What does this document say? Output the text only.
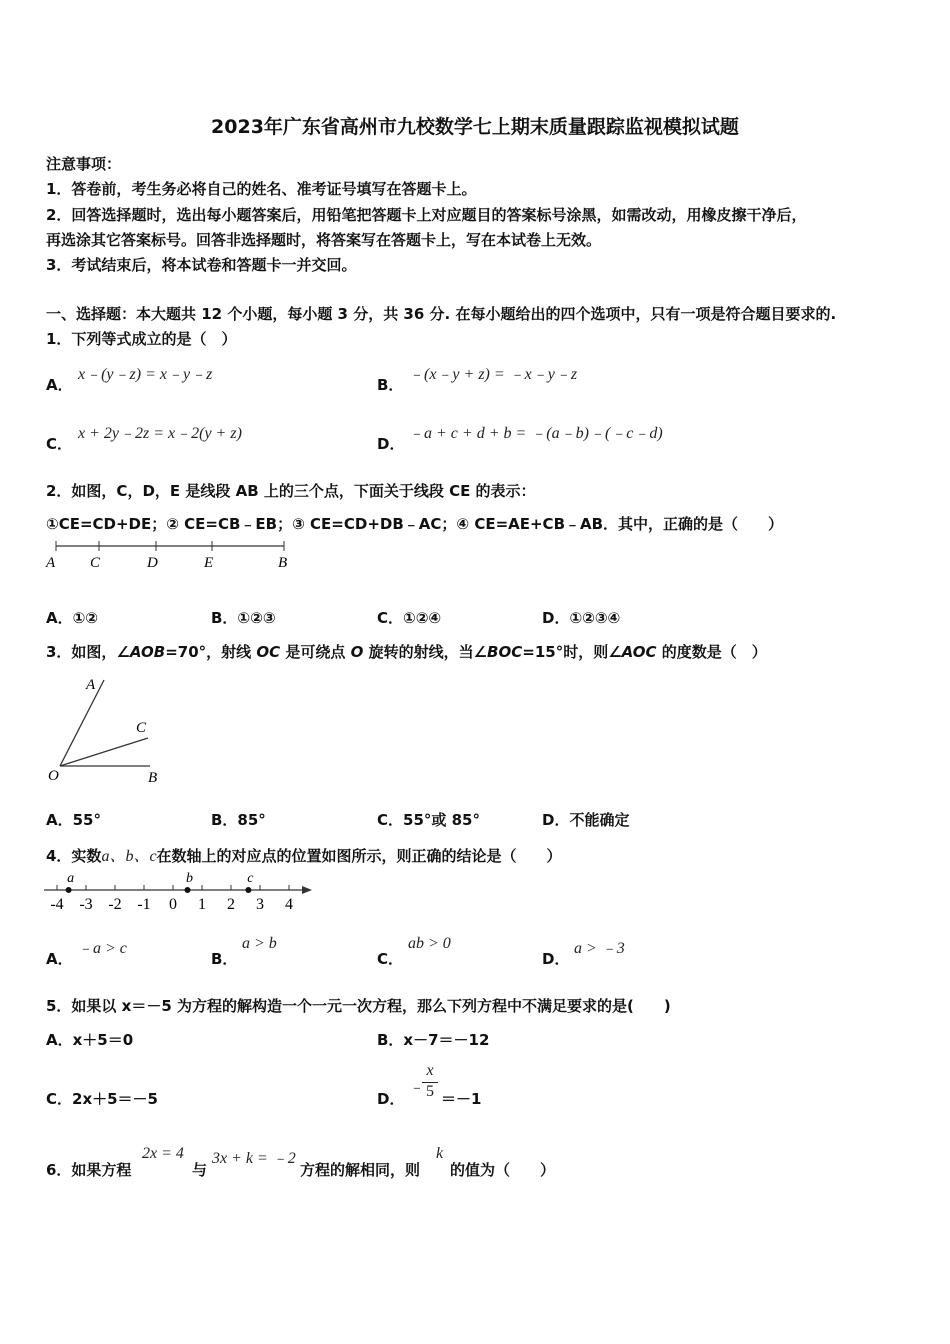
2023年广东省高州市九校数学七上期末质量跟踪监视模拟试题
注意事项：
1．答卷前，考生务必将自己的姓名、准考证号填写在答题卡上。
2．回答选择题时，选出每小题答案后，用铅笔把答题卡上对应题目的答案标号涂黑，如需改动，用橡皮擦干净后，
再选涂其它答案标号。回答非选择题时，将答案写在答题卡上，写在本试卷上无效。
3．考试结束后，将本试卷和答题卡一并交回。
一、选择题：本大题共 12 个小题，每小题 3 分，共 36 分. 在每小题给出的四个选项中，只有一项是符合题目要求的.
1．下列等式成立的是（　）
A．
x﹣(y﹣z) = x﹣y﹣z
B．
﹣(x﹣y + z) = ﹣x﹣y﹣z
C．
x + 2y﹣2z = x﹣2(y + z)
D．
﹣a + c + d + b = ﹣(a﹣b)﹣(﹣c﹣d)
2．如图，C，D，E 是线段 AB 上的三个点，下面关于线段 CE 的表示：
①CE=CD+DE；② CE=CB﹣EB；③ CE=CD+DB﹣AC；④ CE=AE+CB﹣AB．其中，正确的是（　　）
A C	D	E	B
A．①②	B．①②③	C．①②④	D．①②③④
3．如图，∠AOB=70°，射线 OC 是可绕点 O 旋转的射线，当∠BOC=15°时，则∠AOC 的度数是（　）
A
C
O	B
A．55°	B．85°	C．55°或 85°	D．不能确定
4．实数a、b、c在数轴上的对应点的位置如图所示，则正确的结论是（　　）
-4 -3 -2 -1 0 1 2 3 4
a	b	c
A．
﹣a > c
B．
a > b
C．
ab > 0
D．
a > ﹣3
5．如果以 x＝－5 为方程的解构造一个一元一次方程，那么下列方程中不满足要求的是(　　)
A．x＋5＝0	B．x－7＝－12
C．2x＋5＝－5	D．
﹣
x
5 ＝－1
6．如果方程
2x = 4
与
3x + k = ﹣2
方程的解相同，则
k
的值为（　　）
